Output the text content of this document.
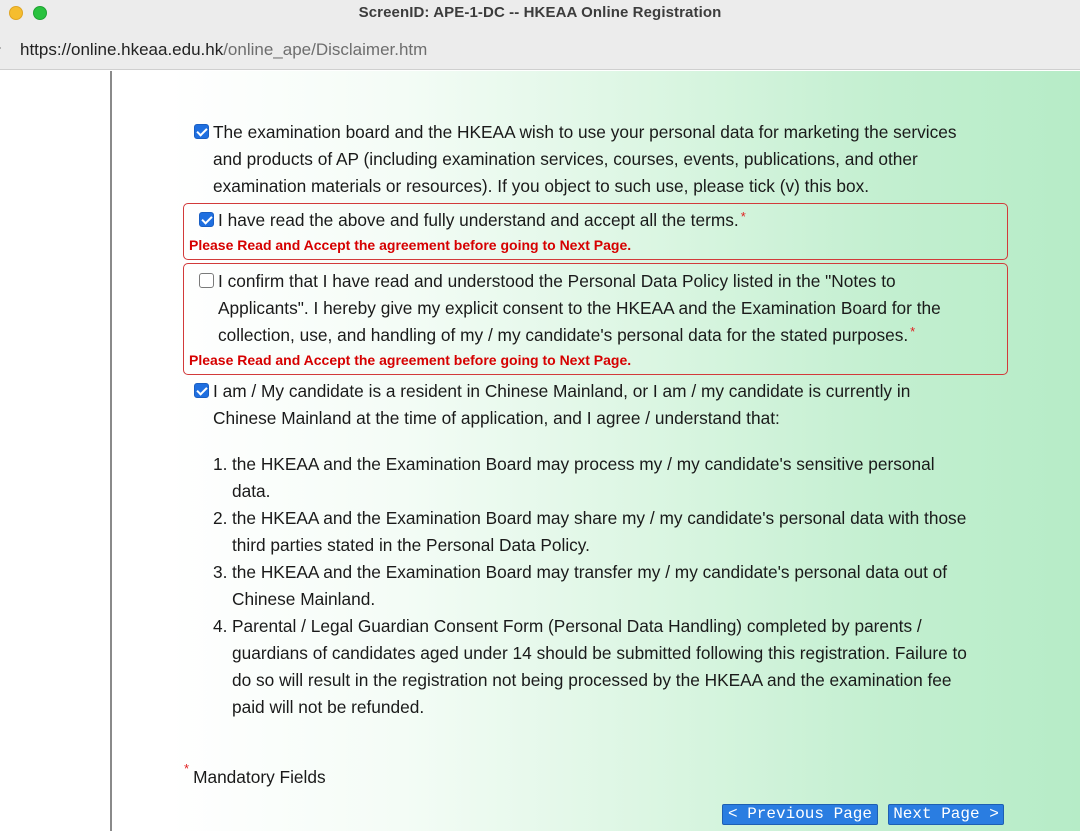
ScreenID: APE-1-DC -- HKEAA Online Registration
https://online.hkeaa.edu.hk/online_ape/Disclaimer.htm
The examination board and the HKEAA wish to use your personal data for marketing the services
and products of AP (including examination services, courses, events, publications, and other
examination materials or resources). If you object to such use, please tick (v) this box.
I have read the above and fully understand and accept all the terms. *
Please Read and Accept the agreement before going to Next Page.
I confirm that I have read and understood the Personal Data Policy listed in the "Notes to
Applicants". I hereby give my explicit consent to the HKEAA and the Examination Board for the
collection, use, and handling of my / my candidate's personal data for the stated purposes. *
Please Read and Accept the agreement before going to Next Page.
I am / My candidate is a resident in Chinese Mainland, or I am / my candidate is currently in
Chinese Mainland at the time of application, and I agree / understand that:
1. the HKEAA and the Examination Board may process my / my candidate's sensitive personal
data.
2. the HKEAA and the Examination Board may share my / my candidate's personal data with those
third parties stated in the Personal Data Policy.
3. the HKEAA and the Examination Board may transfer my / my candidate's personal data out of
Chinese Mainland.
4. Parental / Legal Guardian Consent Form (Personal Data Handling) completed by parents /
guardians of candidates aged under 14 should be submitted following this registration. Failure to
do so will result in the registration not being processed by the HKEAA and the examination fee
paid will not be refunded.
* Mandatory Fields
< Previous Page	Next Page >
